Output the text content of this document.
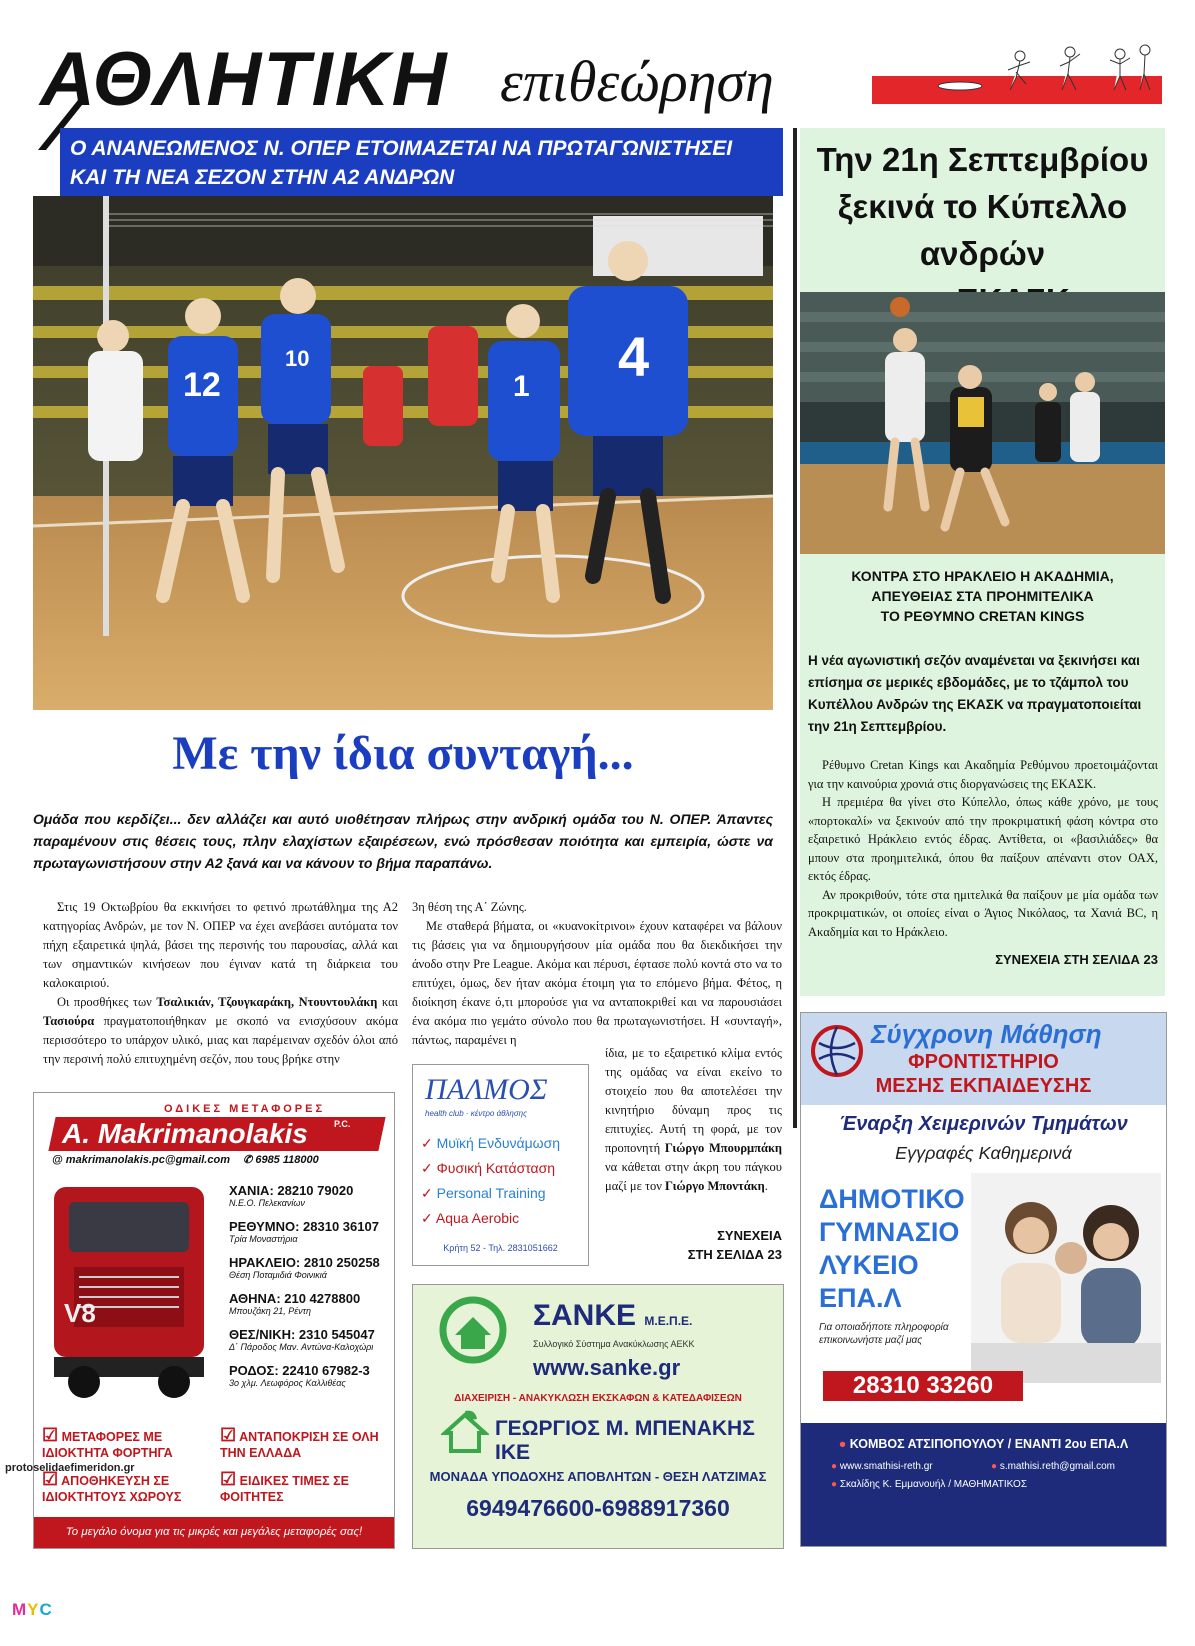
ΑΘΛΗΤΙΚΗ επιθεώρηση
Ο ΑΝΑΝΕΩΜΕΝΟΣ Ν. ΟΠΕΡ ΕΤΟΙΜΑΖΕΤΑΙ ΝΑ ΠΡΩΤΑΓΩΝΙΣΤΗΣΕΙ
ΚΑΙ ΤΗ ΝΕΑ ΣΕΖΟΝ ΣΤΗΝ Α2 ΑΝΔΡΩΝ
12
10
1 4
Την 21η Σεπτεμβρίου
ξεκινά το Κύπελλο ανδρών
ΚΟΝΤΡΑ ΣΤΟ ΗΡΑΚΛΕΙΟ Η ΑΚΑΔΗΜΙΑ,
ΑΠΕΥΘΕΙΑΣ ΣΤΑ ΠΡΟΗΜΙΤΕΛΙΚΑ
ΤΟ ΡΕΘΥΜΝΟ CRETAN KINGS
Η νέα αγωνιστική σεζόν αναμένεται να ξεκινήσει και επίσημα σε μερικές εβδομάδες, με το τζάμπολ του Κυπέλλου Ανδρών της ΕΚΑΣΚ να πραγματοποιείται την 21η Σεπτεμβρίου.

Ρέθυμνο Cretan Kings και Ακαδημία Ρεθύμνου προετοιμάζονται για την καινούρια χρονιά στις διοργανώσεις της ΕΚΑΣΚ.

Η πρεμιέρα θα γίνει στο Κύπελλο, όπως κάθε χρόνο, με τους «πορτοκαλί» να ξεκινούν από την προκριματική φάση κόντρα στο εξαιρετικό Ηράκλειο εντός έδρας. Αντίθετα, οι «βασιλιάδες» θα μπουν στα προημιτελικά, όπου θα παίξουν απέναντι στον ΟΑΧ, εκτός έδρας.

Αν προκριθούν, τότε στα ημιτελικά θα παίξουν με μία ομάδα των προκριματικών, οι οποίες είναι ο Άγιος Νικόλαος, τα Χανιά BC, η Ακαδημία και το Ηράκλειο.

ΣΥΝΕΧΕΙΑ ΣΤΗ ΣΕΛΙΔΑ 23
Με την ίδια συνταγή...
Ομάδα που κερδίζει... δεν αλλάζει και αυτό υιοθέτησαν πλήρως στην ανδρική ομάδα του Ν. ΟΠΕΡ. Άπαντες παραμένουν στις θέσεις τους, πλην ελαχίστων εξαιρέσεων, ενώ πρόσθεσαν ποιότητα και εμπειρία, ώστε να πρωταγωνιστήσουν στην Α2 ξανά και να κάνουν το βήμα παραπάνω.

Στις 19 Οκτωβρίου θα εκκινήσει το φετινό πρωτάθλημα της Α2 κατηγορίας Ανδρών, με τον Ν. ΟΠΕΡ να έχει ανεβάσει αυτόματα τον πήχη εξαιρετικά ψηλά, βάσει της περσινής του παρουσίας, αλλά και των σημαντικών κινήσεων που έγιναν κατά τη διάρκεια του καλοκαιριού.

Οι προσθήκες των Τσαλικιάν, Τζουγκαράκη, Ντουντουλάκη και Τασιούρα πραγματοποιήθηκαν με σκοπό να ενισχύσουν ακόμα περισσότερο το υπάρχον υλικό, μιας και παρέμειναν σχεδόν όλοι από την περσινή πολύ επιτυχημένη σεζόν, που τους βρήκε στην

3η θέση της Α΄ Ζώνης.

Με σταθερά βήματα, οι «κυανοκίτρινοι» έχουν καταφέρει να βάλουν τις βάσεις για να δημιουργήσουν μία ομάδα που θα διεκδικήσει την άνοδο στην Pre League. Ακόμα και πέρυσι, έφτασε πολύ κοντά στο να το επιτύχει, όμως, δεν ήταν ακόμα έτοιμη για το επόμενο βήμα. Φέτος, η διοίκηση έκανε ό,τι μπορούσε για να ανταποκριθεί και να παρουσιάσει ένα ακόμα πιο γεμάτο σύνολο που θα πρωταγωνιστήσει. Η «συνταγή», πάντως, παραμένει η

ίδια, με το εξαιρετικό κλίμα εντός της ομάδας να είναι εκείνο το στοιχείο που θα αποτελέσει την κινητήριο δύναμη προς τις επιτυχίες. Αυτή τη φορά, με τον προπονητή Γιώργο Μπουρμπάκη να κάθεται στην άκρη του πάγκου μαζί με τον Γιώργο Μποντάκη.
ΣΥΝΕΧΕΙΑ
ΣΤΗ ΣΕΛΙΔΑ 23
ΟΔΙΚΕΣ ΜΕΤΑΦΟΡΕΣ
A. Makrimanolakis	P.C.
@ makrimanolakis.pc@gmail.com ✆ 6985 118000
V8
ΧΑΝΙΑ: 28210 79020
Ν.Ε.Ο. Πελεκανίων
ΡΕΘΥΜΝΟ: 28310 36107
Τρία Μοναστήρια
ΗΡΑΚΛΕΙΟ: 2810 250258
Θέση Ποταμιδιά Φοινικιά
ΑΘΗΝΑ: 210 4278800
Μπουζάκη 21, Ρέντη
ΘΕΣ/ΝΙΚΗ: 2310 545047
Δ΄ Πάροδος Μαν. Αντώνα-Καλοχώρι
ΡΟΔΟΣ: 22410 67982-3
3ο χλμ. Λεωφόρος Καλλιθέας
☑ ΜΕΤΑΦΟΡΕΣ ΜΕ ΙΔΙΟΚΤΗΤΑ ΦΟΡΤΗΓΑ
☑ ΑΝΤΑΠΟΚΡΙΣΗ ΣΕ ΟΛΗ ΤΗΝ ΕΛΛΑΔΑ
☑ ΑΠΟΘΗΚΕΥΣΗ ΣΕ ΙΔΙΟΚΤΗΤΟΥΣ ΧΩΡΟΥΣ
☑ ΕΙΔΙΚΕΣ ΤΙΜΕΣ ΣΕ ΦΟΙΤΗΤΕΣ
Το μεγάλο όνομα για τις μικρές και μεγάλες μεταφορές σας!
ΠΑΛΜΟΣ
health club · κέντρο άθλησης
✓ Μυϊκή Ενδυνάμωση
✓ Φυσική Κατάσταση
✓ Personal Training
✓ Aqua Aerobic
Κρήτη 52 - Τηλ. 2831051662
ΣΑΝΚΕ Μ.Ε.Π.Ε.
Συλλογικό Σύστημα Ανακύκλωσης ΑΕΚΚ
www.sanke.gr
ΔΙΑΧΕΙΡΙΣΗ - ΑΝΑΚΥΚΛΩΣΗ ΕΚΣΚΑΦΩΝ & ΚΑΤΕΔΑΦΙΣΕΩΝ
ΓΕΩΡΓΙΟΣ Μ. ΜΠΕΝΑΚΗΣ ΙΚΕ
ΜΟΝΑΔΑ ΥΠΟΔΟΧΗΣ ΑΠΟΒΛΗΤΩΝ - ΘΕΣΗ ΛΑΤΖΙΜΑΣ
6949476600-6988917360
Σύγχρονη Μάθηση
ΦΡΟΝΤΙΣΤΗΡΙΟ
ΜΕΣΗΣ ΕΚΠΑΙΔΕΥΣΗΣ
Έναρξη Χειμερινών Τμημάτων
Εγγραφές Καθημερινά
ΔΗΜΟΤΙΚΟ
ΓΥΜΝΑΣΙΟ
ΛΥΚΕΙΟ
ΕΠΑ.Λ
Για οποιαδήποτε πληροφορία επικοινωνήστε μαζί μας
28310 33260
● ΚΟΜΒΟΣ ΑΤΣΙΠΟΠΟΥΛΟΥ / ΕΝΑΝΤΙ 2ου ΕΠΑ.Λ
● www.smathisi-reth.gr	● s.mathisi.reth@gmail.com
● Σκαλίδης Κ. Εμμανουήλ / ΜΑΘΗΜΑΤΙΚΟΣ
protoselidaefimeridon.gr
MYC
